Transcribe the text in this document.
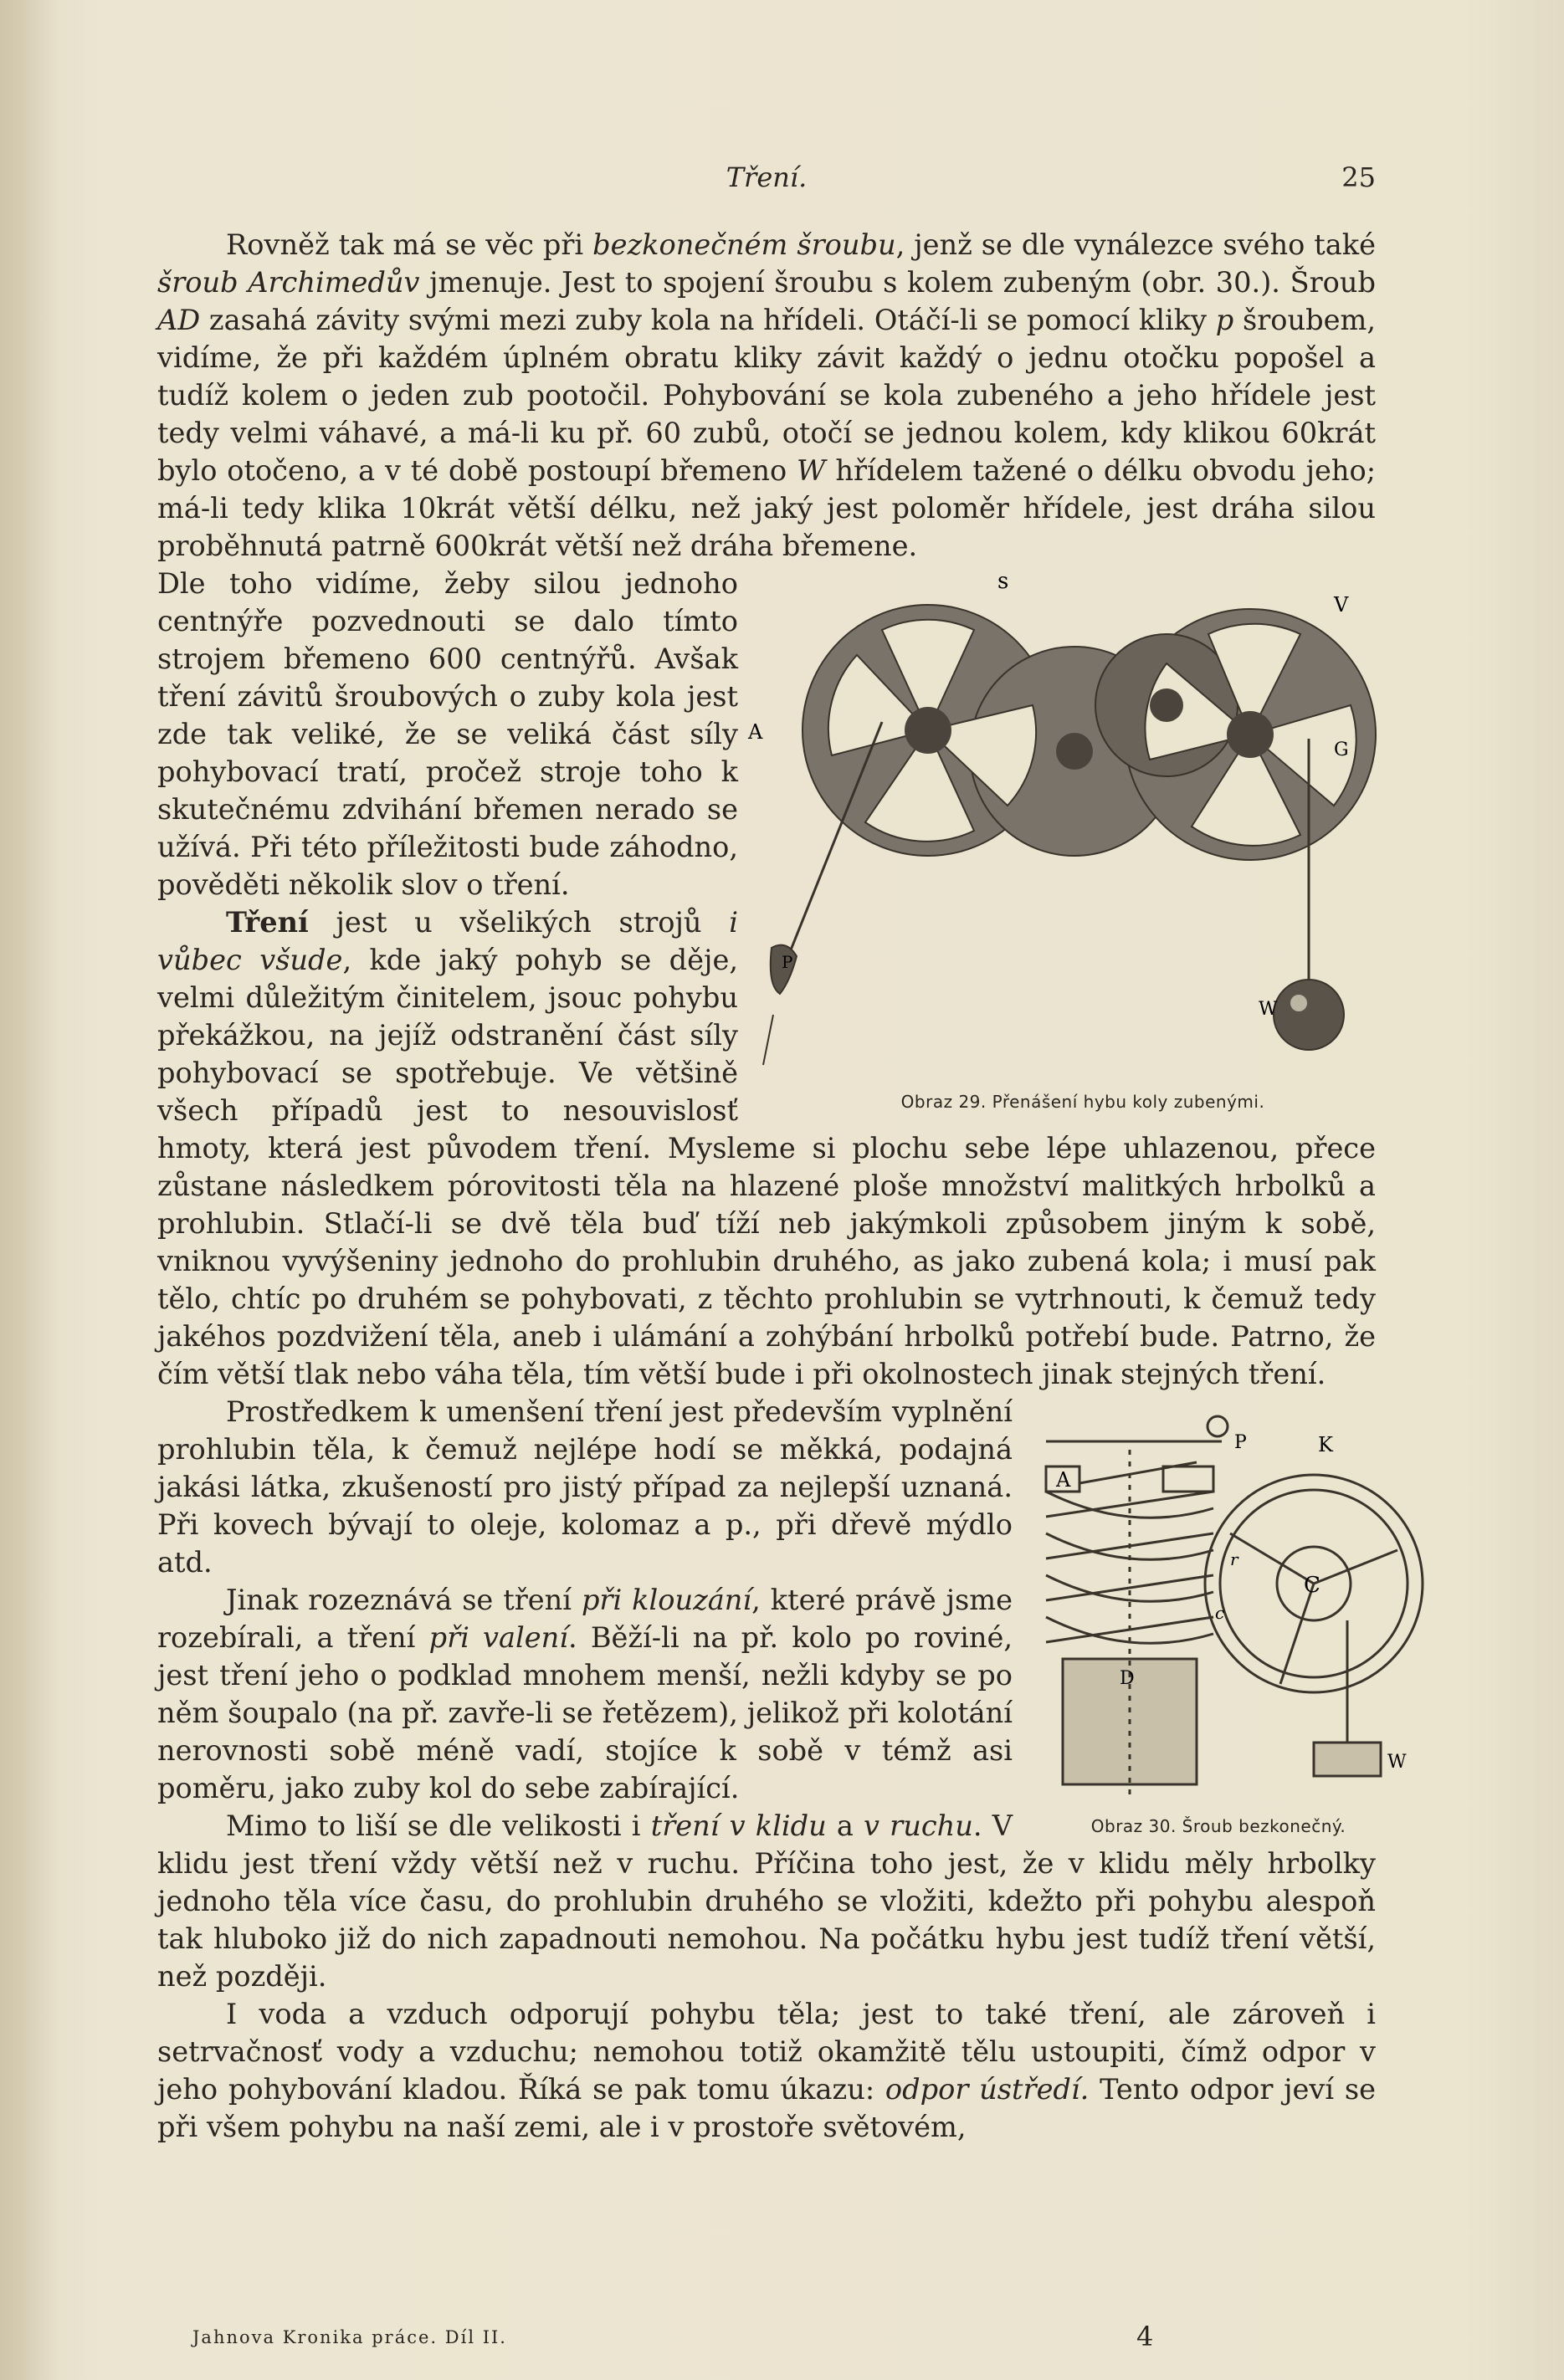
Tření.	25

Rovněž tak má se věc při bezkonečném šroubu, jenž se dle vynálezce svého také šroub Archimedův jmenuje. Jest to spojení šroubu s kolem zubeným (obr. 30.). Šroub AD zasahá závity svými mezi zuby kola na hřídeli. Otáčí-li se pomocí kliky p šroubem, vidíme, že při každém úplném obratu kliky závit každý o jednu otočku popošel a tudíž kolem o jeden zub pootočil. Pohybování se kola zubeného a jeho hřídele jest tedy velmi váhavé, a má-li ku př. 60 zubů, otočí se jednou kolem, kdy klikou 60krát bylo otočeno, a v té době postoupí břemeno W hřídelem tažené o délku obvodu jeho; má-li tedy klika 10krát větší délku, než jaký jest poloměr hřídele, jest dráha silou proběhnutá patrně 600krát větší než dráha břemene.

s
V
A
G
P
W
Obraz 29. Přenášení hybu koly zubenými.

Dle toho vidíme, žeby silou jednoho centnýře pozvednouti se dalo tímto strojem břemeno 600 centnýřů. Avšak tření závitů šroubových o zuby kola jest zde tak veliké, že se veliká část síly pohybovací tratí, pročež stroje toho k skutečnému zdvihání břemen nerado se užívá. Při této příležitosti bude záhodno, pověděti několik slov o tření.

Tření jest u všelikých strojů i vůbec všude, kde jaký pohyb se děje, velmi důležitým činitelem, jsouc pohybu překážkou, na jejíž odstranění část síly pohybovací se spotřebuje. Ve většině všech případů jest to nesouvislosť hmoty, která jest původem tření. Mysleme si plochu sebe lépe uhlazenou, přece zůstane následkem pórovitosti těla na hlazené ploše množství malitkých hrbolků a prohlubin. Stlačí-li se dvě těla buď tíží neb jakýmkoli způsobem jiným k sobě, vniknou vyvýšeniny jednoho do prohlubin druhého, as jako zubená kola; i musí pak tělo, chtíc po druhém se pohybovati, z těchto prohlubin se vytrhnouti, k čemuž tedy jakéhos pozdvižení těla, aneb i ulámání a zohýbání hrbolků potřebí bude. Patrno, že čím větší tlak nebo váha těla, tím větší bude i při okolnostech jinak stejných tření.

A
P	K
C
D
W
r
c
Obraz 30. Šroub bezkonečný.

Prostředkem k umenšení tření jest především vyplnění prohlubin těla, k čemuž nejlépe hodí se měkká, podajná jakási látka, zkušeností pro jistý případ za nejlepší uznaná. Při kovech bývají to oleje, kolomaz a p., při dřevě mýdlo atd.

Jinak rozeznává se tření při klouzání, které právě jsme rozebírali, a tření při valení. Běží-li na př. kolo po roviné, jest tření jeho o podklad mnohem menší, nežli kdyby se po něm šoupalo (na př. zavře-li se řetězem), jelikož při kolotání nerovnosti sobě méně vadí, stojíce k sobě v témž asi poměru, jako zuby kol do sebe zabírající.

Mimo to liší se dle velikosti i tření v klidu a v ruchu. V klidu jest tření vždy větší než v ruchu. Příčina toho jest, že v klidu měly hrbolky jednoho těla více času, do prohlubin druhého se vložiti, kdežto při pohybu alespoň tak hluboko již do nich zapadnouti nemohou. Na počátku hybu jest tudíž tření větší, než později.

I voda a vzduch odporují pohybu těla; jest to také tření, ale zároveň i setrvačnosť vody a vzduchu; nemohou totiž okamžitě tělu ustoupiti, čímž odpor v jeho pohybování kladou. Říká se pak tomu úkazu: odpor ústředí. Tento odpor jeví se při všem pohybu na naší zemi, ale i v prostoře světovém,

Jahnova Kronika práce. Díl II.	4
